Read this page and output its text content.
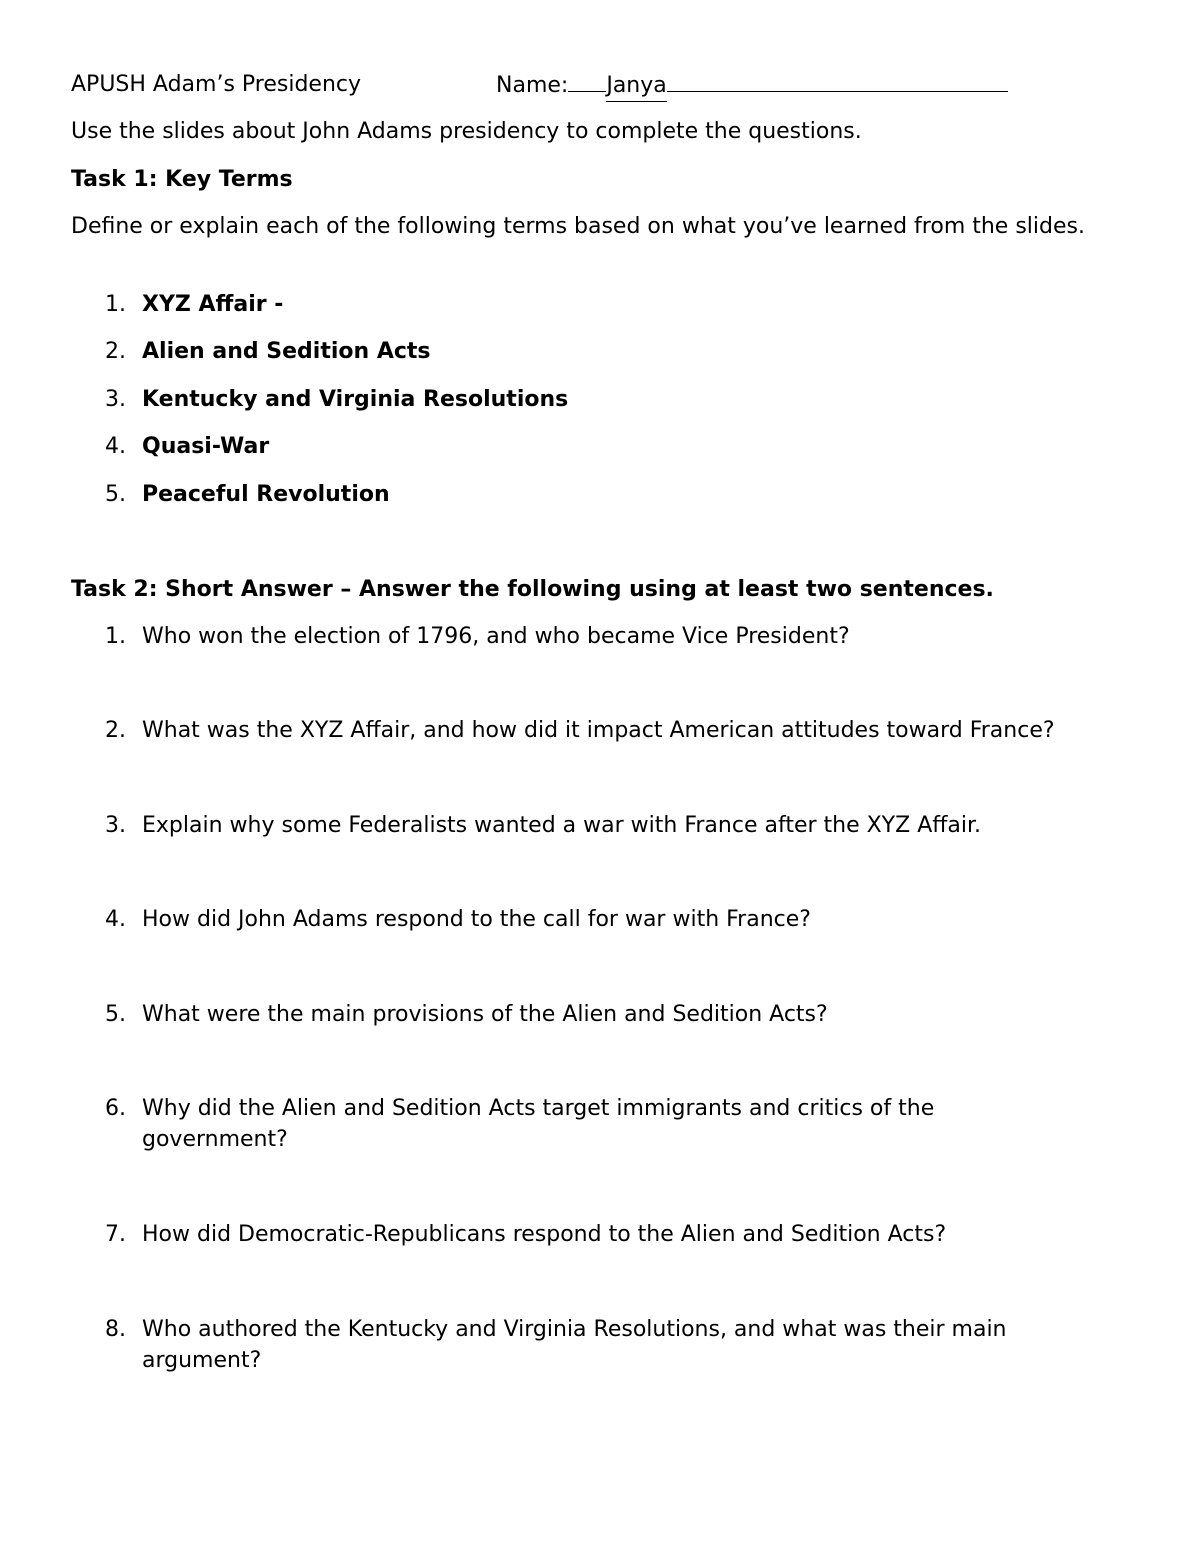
APUSH Adam’s Presidency	Name: Janya
Use the slides about John Adams presidency to complete the questions.
Task 1: Key Terms
Define or explain each of the following terms based on what you’ve learned from the slides.
1. XYZ Affair -
2. Alien and Sedition Acts
3. Kentucky and Virginia Resolutions
4. Quasi-War
5. Peaceful Revolution
Task 2: Short Answer – Answer the following using at least two sentences.
1. Who won the election of 1796, and who became Vice President?
2. What was the XYZ Affair, and how did it impact American attitudes toward France?
3. Explain why some Federalists wanted a war with France after the XYZ Affair.
4. How did John Adams respond to the call for war with France?
5. What were the main provisions of the Alien and Sedition Acts?
6. Why did the Alien and Sedition Acts target immigrants and critics of the government?
7. How did Democratic-Republicans respond to the Alien and Sedition Acts?
8. Who authored the Kentucky and Virginia Resolutions, and what was their main argument?
